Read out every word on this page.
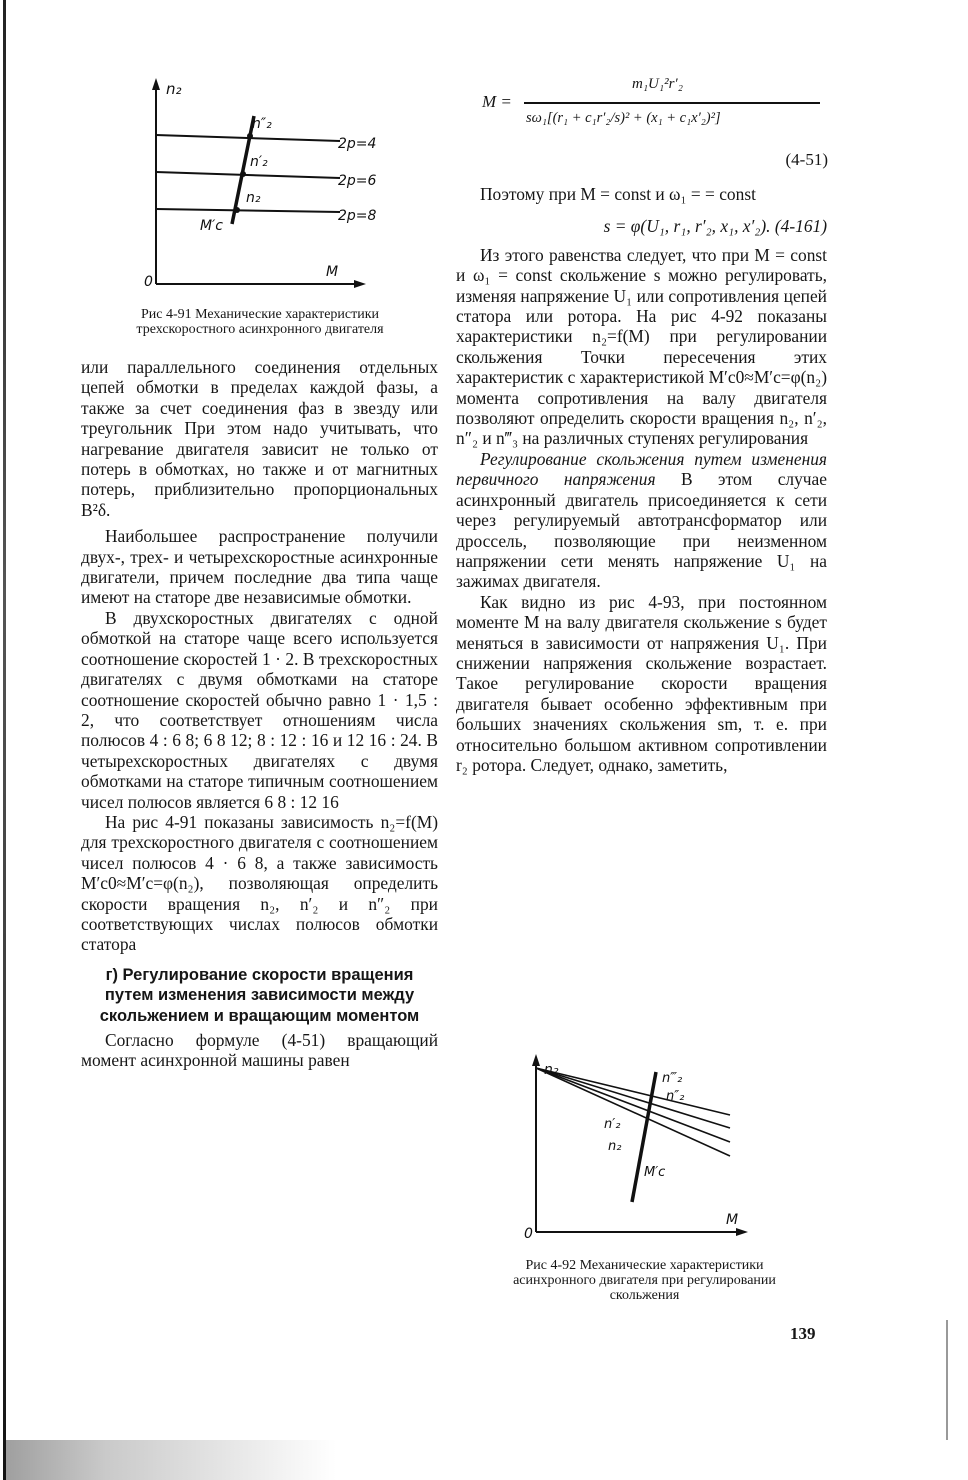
n₂
M
0
n″₂
n′₂
n₂
M′c
2p=4
2p=6
2p=8
Рис 4-91 Механические характеристики
трехскоростного асинхронного двигателя

или параллельного соединения отдельных цепей обмотки в пределах каждой фазы, а также за счет соединения фаз в звезду или треугольник При этом надо учитывать, что нагревание двигателя зависит не только от потерь в обмотках, но также и от магнитных потерь, приблизительно пропорциональных B²δ.

Наибольшее распространение получили двух-, трех- и четырехскоростные асинхронные двигатели, причем последние два типа чаще имеют на статоре две независимые обмотки.

В двухскоростных двигателях с одной обмоткой на статоре чаще всего используется соотношение скоростей 1 · 2. В трехскоростных двигателях с двумя обмотками на статоре соотношение скоростей обычно равно 1 · 1,5 : 2, что соответствует отношениям числа полюсов 4 : 6 8; 6 8 12; 8 : 12 : 16 и 12 16 : 24. В четырехскоростных двигателях с двумя обмотками на статоре типичным соотношением чисел полюсов является 6 8 : 12 16

На рис 4-91 показаны зависимость n₂=f(M) для трехскоростного двигателя с соотношением чисел полюсов 4 · 6 8, а также зависимость M′c0≈M′c=φ(n₂), позволяющая определить скорости вращения n₂, n′₂ и n″₂ при соответствующих числах полюсов обмотки статора

г) Регулирование скорости вращения путем изменения зависимости между скольжением и вращающим моментом

Согласно формуле (4-51) вращающий момент асинхронной машины равен

M =
m₁U₁²r′₂
sω₁[(r₁ + c₁r′₂/s)² + (x₁ + c₁x′₂)²]
(4-51)

Поэтому при M = const и ω₁ = = const

s = φ(U₁, r₁, r′₂, x₁, x′₂). (4-161)

Из этого равенства следует, что при M = const и ω₁ = const скольжение s можно регулировать, изменяя напряжение U₁ или сопротивления цепей статора или ротора. На рис 4-92 показаны характеристики n₂=f(M) при регулировании скольжения Точки пересечения этих характеристик с характеристикой M′c0≈M′c=φ(n₂) момента сопротивления на валу двигателя позволяют определить скорости вращения n₂, n′₂, n″₂ и n‴₃ на различных ступенях регулирования

Регулирование скольжения путем изменения первичного напряжения В этом случае асинхронный двигатель присоединяется к сети через регулируемый автотрансформатор или дроссель, позволяющие при неизменном напряжении сети менять напряжение U₁ на зажимах двигателя.

Как видно из рис 4-93, при постоянном моменте M на валу двигателя скольжение s будет меняться в зависимости от напряжения U₁. При снижении напряжения скольжение возрастает. Такое регулирование скорости вращения двигателя бывает особенно эффективным при больших значениях скольжения sm, т. е. при относительно большом активном сопротивлении r₂ ротора. Следует, однако, заметить,

n₂
M
0
n‴₂
n″₂
n′₂
n₂
M′c
Рис 4-92 Механические характеристики
асинхронного двигателя при регулировании
скольжения
139
